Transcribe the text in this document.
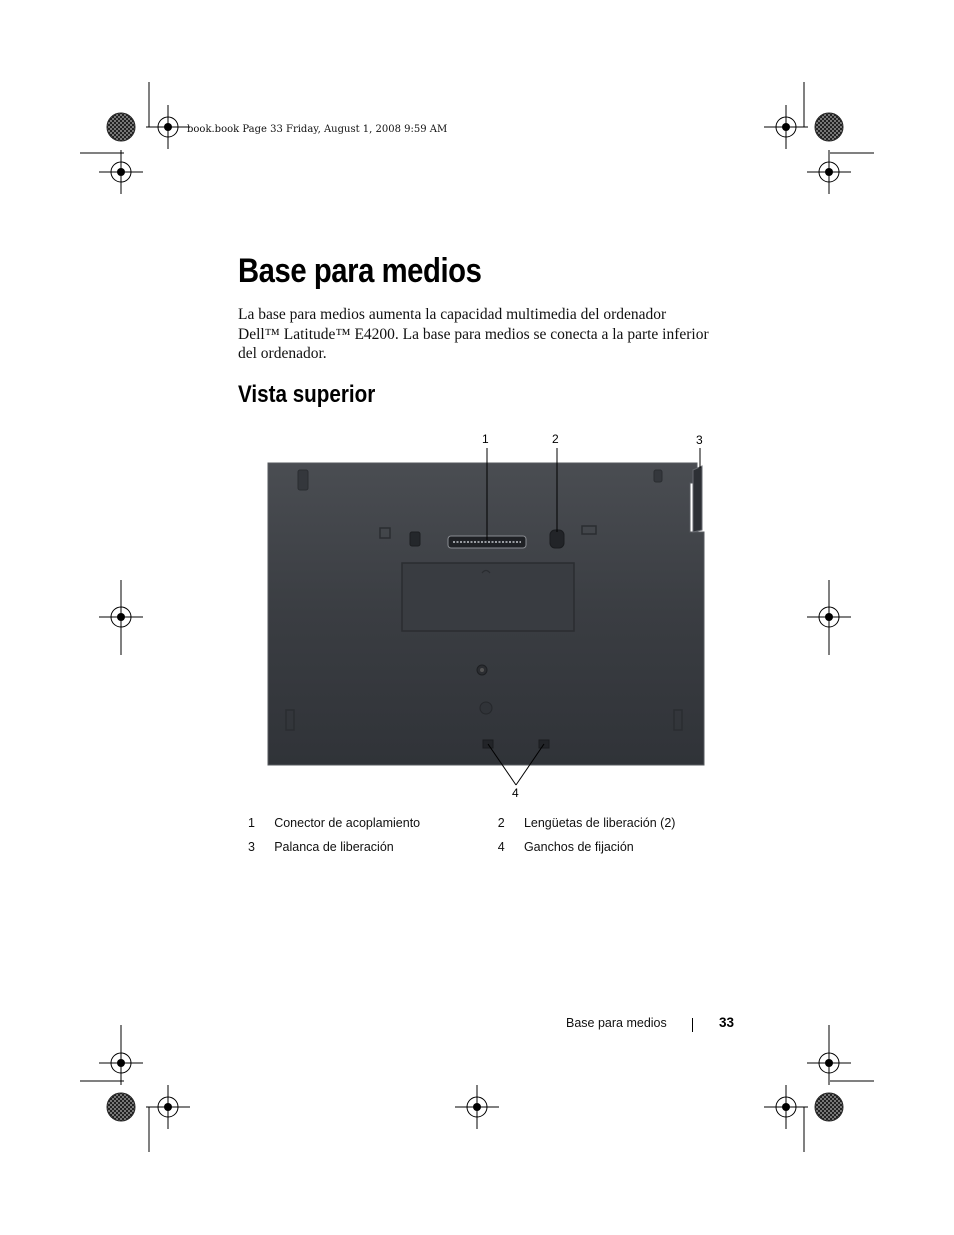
book.book Page 33 Friday, August 1, 2008 9:59 AM
Base para medios

La base para medios aumenta la capacidad multimedia del ordenador
Dell™ Latitude™ E4200. La base para medios se conecta a la parte inferior
del ordenador.

Vista superior
1	2	3
4
1	Conector de acoplamiento	2	Lengüetas de liberación (2)
3	Palanca de liberación	4	Ganchos de fijación
Base para medios	33
